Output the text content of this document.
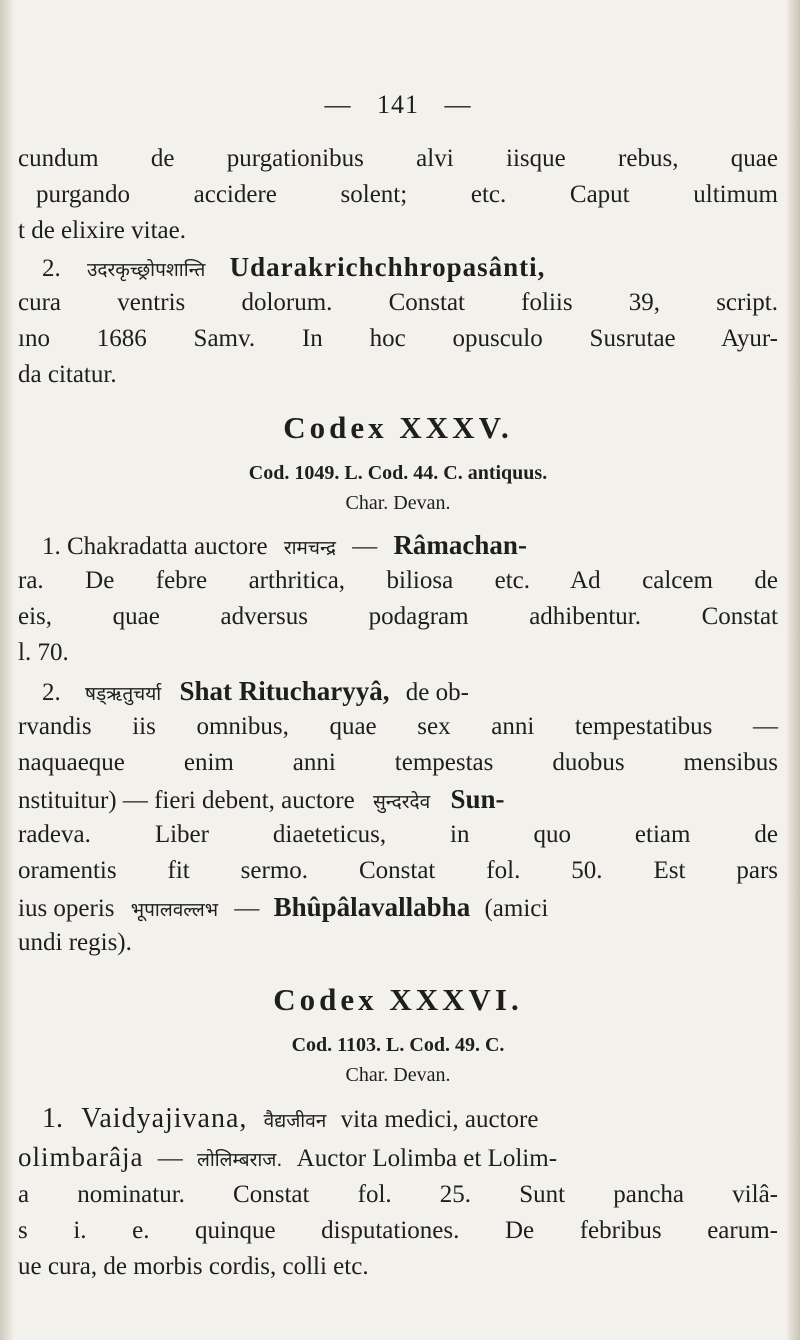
— 141 —
cundum de purgationibus alvi iisque rebus, quae
purgando accidere solent; etc. Caput ultimum
t de elixire vitae.
2. उदरकृच्छ्रोपशान्ति Udarakrichchhropasânti,
cura ventris dolorum. Constat foliis 39, script.
ıno 1686 Samv. In hoc opusculo Susrutae Ayur-
da citatur.
Codex XXXV.
Cod. 1049. L. Cod. 44. C. antiquus.
Char. Devan.
1. Chakradatta auctore रामचन्द्र — Râmachan-
ra. De febre arthritica, biliosa etc. Ad calcem de
eis, quae adversus podagram adhibentur. Constat
l. 70.
2. षड्ऋतुचर्या Shat Ritucharyyâ, de ob-
rvandis iis omnibus, quae sex anni tempestatibus —
naquaeque enim anni tempestas duobus mensibus
nstituitur) — fieri debent, auctore सुन्दरदेव Sun-
radeva. Liber diaeteticus, in quo etiam de
oramentis fit sermo. Constat fol. 50. Est pars
ius operis भूपालवल्लभ — Bhûpâlavallabha (amici
undi regis).
Codex XXXVI.
Cod. 1103. L. Cod. 49. C.
Char. Devan.
1. Vaidyajivana, वैद्यजीवन vita medici, auctore
olimbarâja — लोलिम्बराज. Auctor Lolimba et Lolim-
a nominatur. Constat fol. 25. Sunt pancha vilâ-
s i. e. quinque disputationes. De febribus earum-
ue cura, de morbis cordis, colli etc.
